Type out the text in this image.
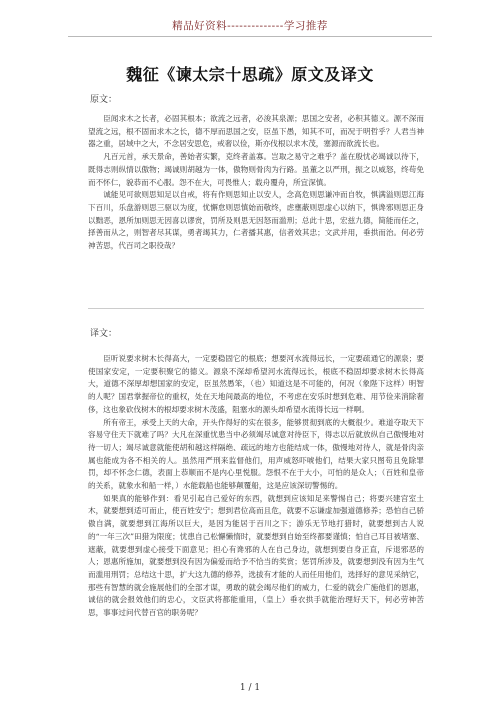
精品好资料--------------学习推荐
魏征《谏太宗十思疏》原文及译文
原文：

臣闻求木之长者，必固其根本；欲流之远者，必浚其泉源；思国之安者，必积其德义。源不深而望流之远，根不固而求木之长，德不厚而思国之安，臣虽下愚，知其不可，而况于明哲乎？人君当神器之重，居域中之大，不念居安思危，戒奢以俭，斯亦伐根以求木茂，塞源而欲流长也。

凡百元首，承天景命，善始者实繁，克终者盖寡。岂取之易守之难乎？盖在殷忧必竭诚以待下，既得志则纵情以傲物；竭诚则胡越为一体，傲物则骨肉为行路。虽董之以严刑，振之以威怒，终苟免而不怀仁，貌恭而不心服。怨不在大，可畏惟人；载舟覆舟，所宜深慎。

诚能见可欲则思知足以自戒，将有作则思知止以安人，念高危则思谦冲而自牧，惧满溢则思江海下百川，乐盘游则思三驱以为度，忧懈怠则思慎始而敬终，虑壅蔽则思虚心以纳下，惧谗邪则思正身以黜恶，恩所加则思无因喜以谬赏，罚所及则思无因怒而滥刑；总此十思，宏兹九德，简能而任之，择善而从之，则智者尽其谋，勇者竭其力，仁者播其惠，信者效其忠；文武并用，垂拱而治。何必劳神苦思，代百司之职役哉？

译文：

臣听说要求树木长得高大，一定要稳固它的根底；想要河水流得远长，一定要疏通它的源泉；要使国家安定，一定要积聚它的德义。源泉不深却希望河水流得远长，根底不稳固却要求树木长得高大，道德不深厚却想国家的安定，臣虽然愚笨，（也）知道这是不可能的，何况（象陛下这样）明智的人呢？国君掌握帝位的重权，处在天地间最高的地位，不考虑在安乐时想到危难、用节俭来消除奢侈，这也象砍伐树木的根却要求树木茂盛，阻塞水的源头却希望水流得长远一样啊。

所有帝王，承受上天的大命，开头作得好的实在很多，能够贯彻到底的大概很少。难道夺取天下容易守住天下就难了吗？大凡在深重忧患当中必须竭尽诚意对待臣下，得志以后就放纵自己傲慢地对待一切人；竭尽诚意就能使胡和越这样隔绝、疏远的地方也能结成一体，傲慢地对待人，就是骨肉亲属也能成为各不相关的人。虽然用严刑来监督他们，用声威怒吓唬他们，结果大家只图苟且免除罪罚，却不怀念仁德，表面上恭顺而不是内心里悦服。怨恨不在于大小，可怕的是众人；（百姓和皇帝的关系，就象水和船一样，）水能载船也能够颠覆船，这是应该深切警惕的。

如果真的能够作到：看见引起自己爱好的东西，就想到应该知足来警惕自己；将要兴建宫室土木，就要想到适可而止，使百姓安宁；想到君位高而且危，就要不忘谦虚加强道德修养；恐怕自己骄傲自满，就要想到江海所以巨大，是因为能居于百川之下；游乐无节地打猎时，就要想到古人说的“一年三次”田猎为限度；忧患自己松懈懒惰时，就要想到自始至终都要谨慎；怕自己耳目被堵塞、遮蔽，就要想到虚心接受下面意见；担心有谗邪的人在自己身边，就想到要自身正直，斥退邪恶的人；恩惠所施加，就要想到没有因为偏爱而给予不恰当的奖赏；惩罚所涉及，就要想到没有因为生气而滥用刑罚；总结这十思，扩大这九德的修养，选拔有才能的人而任用他们，选择好的意见采纳它，那些有智慧的就会施展他们的全部才谋，勇敢的就会竭尽他们的威力，仁爱的就会广施他们的恩惠，诚信的就会报效他们的忠心，文臣武将都能重用，（皇上）垂衣拱手就能治理好天下，何必劳神苦思，事事过问代替百官的职务呢？

1 / 1
